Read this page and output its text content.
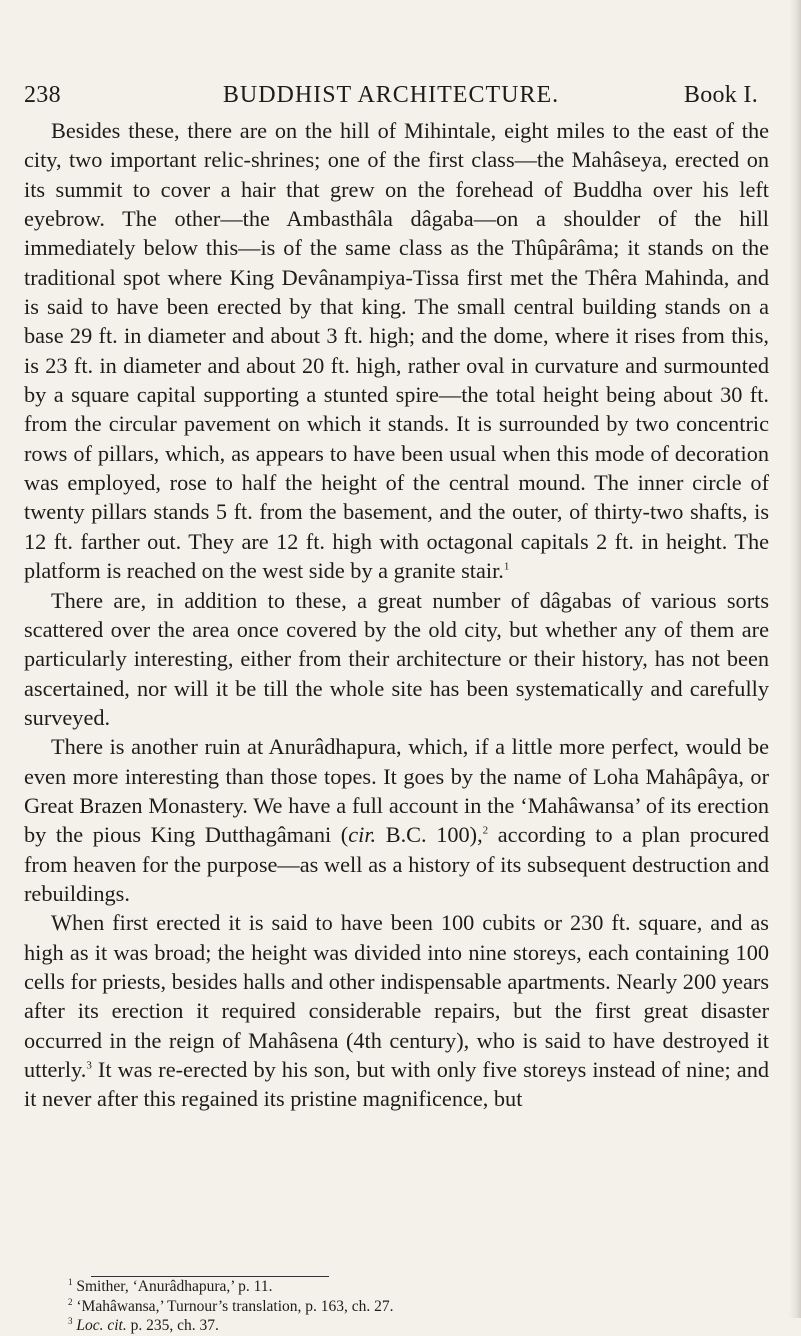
238	BUDDHIST ARCHITECTURE.	Book I.

Besides these, there are on the hill of Mihintale, eight miles to the east of the city, two important relic-shrines; one of the first class—the Mahâseya, erected on its summit to cover a hair that grew on the forehead of Buddha over his left eyebrow. The other—the Ambasthâla dâgaba—on a shoulder of the hill immediately below this—is of the same class as the Thûpârâma; it stands on the traditional spot where King Devânampiya-Tissa first met the Thêra Mahinda, and is said to have been erected by that king. The small central building stands on a base 29 ft. in diameter and about 3 ft. high; and the dome, where it rises from this, is 23 ft. in diameter and about 20 ft. high, rather oval in curvature and surmounted by a square capital supporting a stunted spire—the total height being about 30 ft. from the circular pavement on which it stands. It is surrounded by two concentric rows of pillars, which, as appears to have been usual when this mode of decoration was employed, rose to half the height of the central mound. The inner circle of twenty pillars stands 5 ft. from the basement, and the outer, of thirty-two shafts, is 12 ft. farther out. They are 12 ft. high with octagonal capitals 2 ft. in height. The platform is reached on the west side by a granite stair.$^1$

There are, in addition to these, a great number of dâgabas of various sorts scattered over the area once covered by the old city, but whether any of them are particularly interesting, either from their architecture or their history, has not been ascertained, nor will it be till the whole site has been systematically and carefully surveyed.

There is another ruin at Anurâdhapura, which, if a little more perfect, would be even more interesting than those topes. It goes by the name of Loha Mahâpâya, or Great Brazen Monastery. We have a full account in the ‘Mahâwansa’ of its erection by the pious King Dutthagâmani (cir. B.C. 100),$^2$ according to a plan procured from heaven for the purpose—as well as a history of its subsequent destruction and rebuildings.

When first erected it is said to have been 100 cubits or 230 ft. square, and as high as it was broad; the height was divided into nine storeys, each containing 100 cells for priests, besides halls and other indispensable apartments. Nearly 200 years after its erection it required considerable repairs, but the first great disaster occurred in the reign of Mahâsena (4th century), who is said to have destroyed it utterly.$^3$ It was re-erected by his son, but with only five storeys instead of nine; and it never after this regained its pristine magnificence, but

$^1$ Smither, ‘Anurâdhapura,’ p. 11.
$^2$ ‘Mahâwansa,’ Turnour’s translation, p. 163, ch. 27.
$^3$ Loc. cit. p. 235, ch. 37.
